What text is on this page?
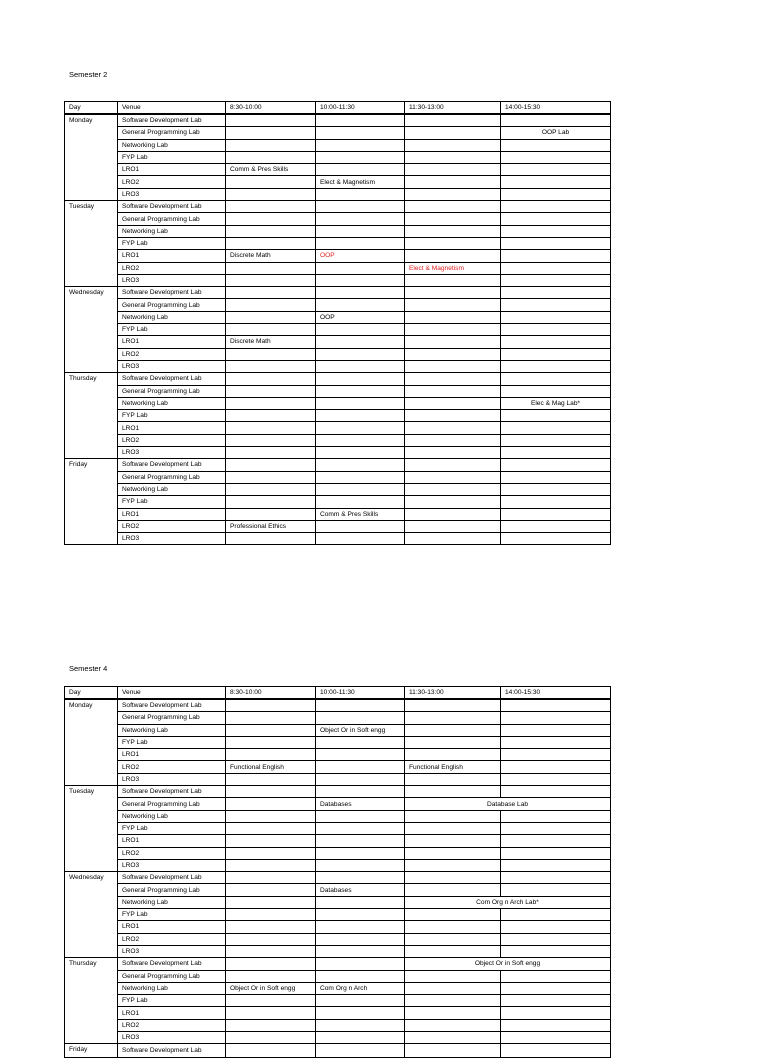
Semester 2
Day	Venue	8:30-10:00	10:00-11:30	11:30-13:00	14:00-15:30
Monday	Software Development Lab				
	General Programming Lab				OOP Lab
	Networking Lab				
	FYP Lab				
	LRO1	Comm & Pres Skills			
	LRO2		Elect & Magnetism		
	LRO3				
Tuesday	Software Development Lab				
	General Programming Lab				
	Networking Lab				
	FYP Lab				
	LRO1	Discrete Math	OOP		
	LRO2			Elect & Magnetism	
	LRO3				
Wednesday	Software Development Lab				
	General Programming Lab				
	Networking Lab		OOP		
	FYP Lab				
	LRO1	Discrete Math			
	LRO2				
	LRO3				
Thursday	Software Development Lab				
	General Programming Lab				
	Networking Lab				Elec & Mag Lab*
	FYP Lab				
	LRO1				
	LRO2				
	LRO3				
Friday	Software Development Lab				
	General Programming Lab				
	Networking Lab				
	FYP Lab				
	LRO1		Comm & Pres Skills		
	LRO2	Professional Ethics			
	LRO3				
Semester 4
Day	Venue	8:30-10:00	10:00-11:30	11:30-13:00	14:00-15:30
Monday	Software Development Lab				
	General Programming Lab				
	Networking Lab		Object Or in Soft engg		
	FYP Lab				
	LRO1				
	LRO2	Functional English		Functional English	
	LRO3				
Tuesday	Software Development Lab				
	General Programming Lab		Databases	Database Lab	
	Networking Lab				
	FYP Lab				
	LRO1				
	LRO2				
	LRO3				
Wednesday	Software Development Lab				
	General Programming Lab		Databases		
	Networking Lab			Com Org n Arch Lab*	
	FYP Lab				
	LRO1				
	LRO2				
	LRO3				
Thursday	Software Development Lab			Object Or in Soft engg	
	General Programming Lab				
	Networking Lab	Object Or in Soft engg	Com Org n Arch		
	FYP Lab				
	LRO1				
	LRO2				
	LRO3				
Friday	Software Development Lab				
